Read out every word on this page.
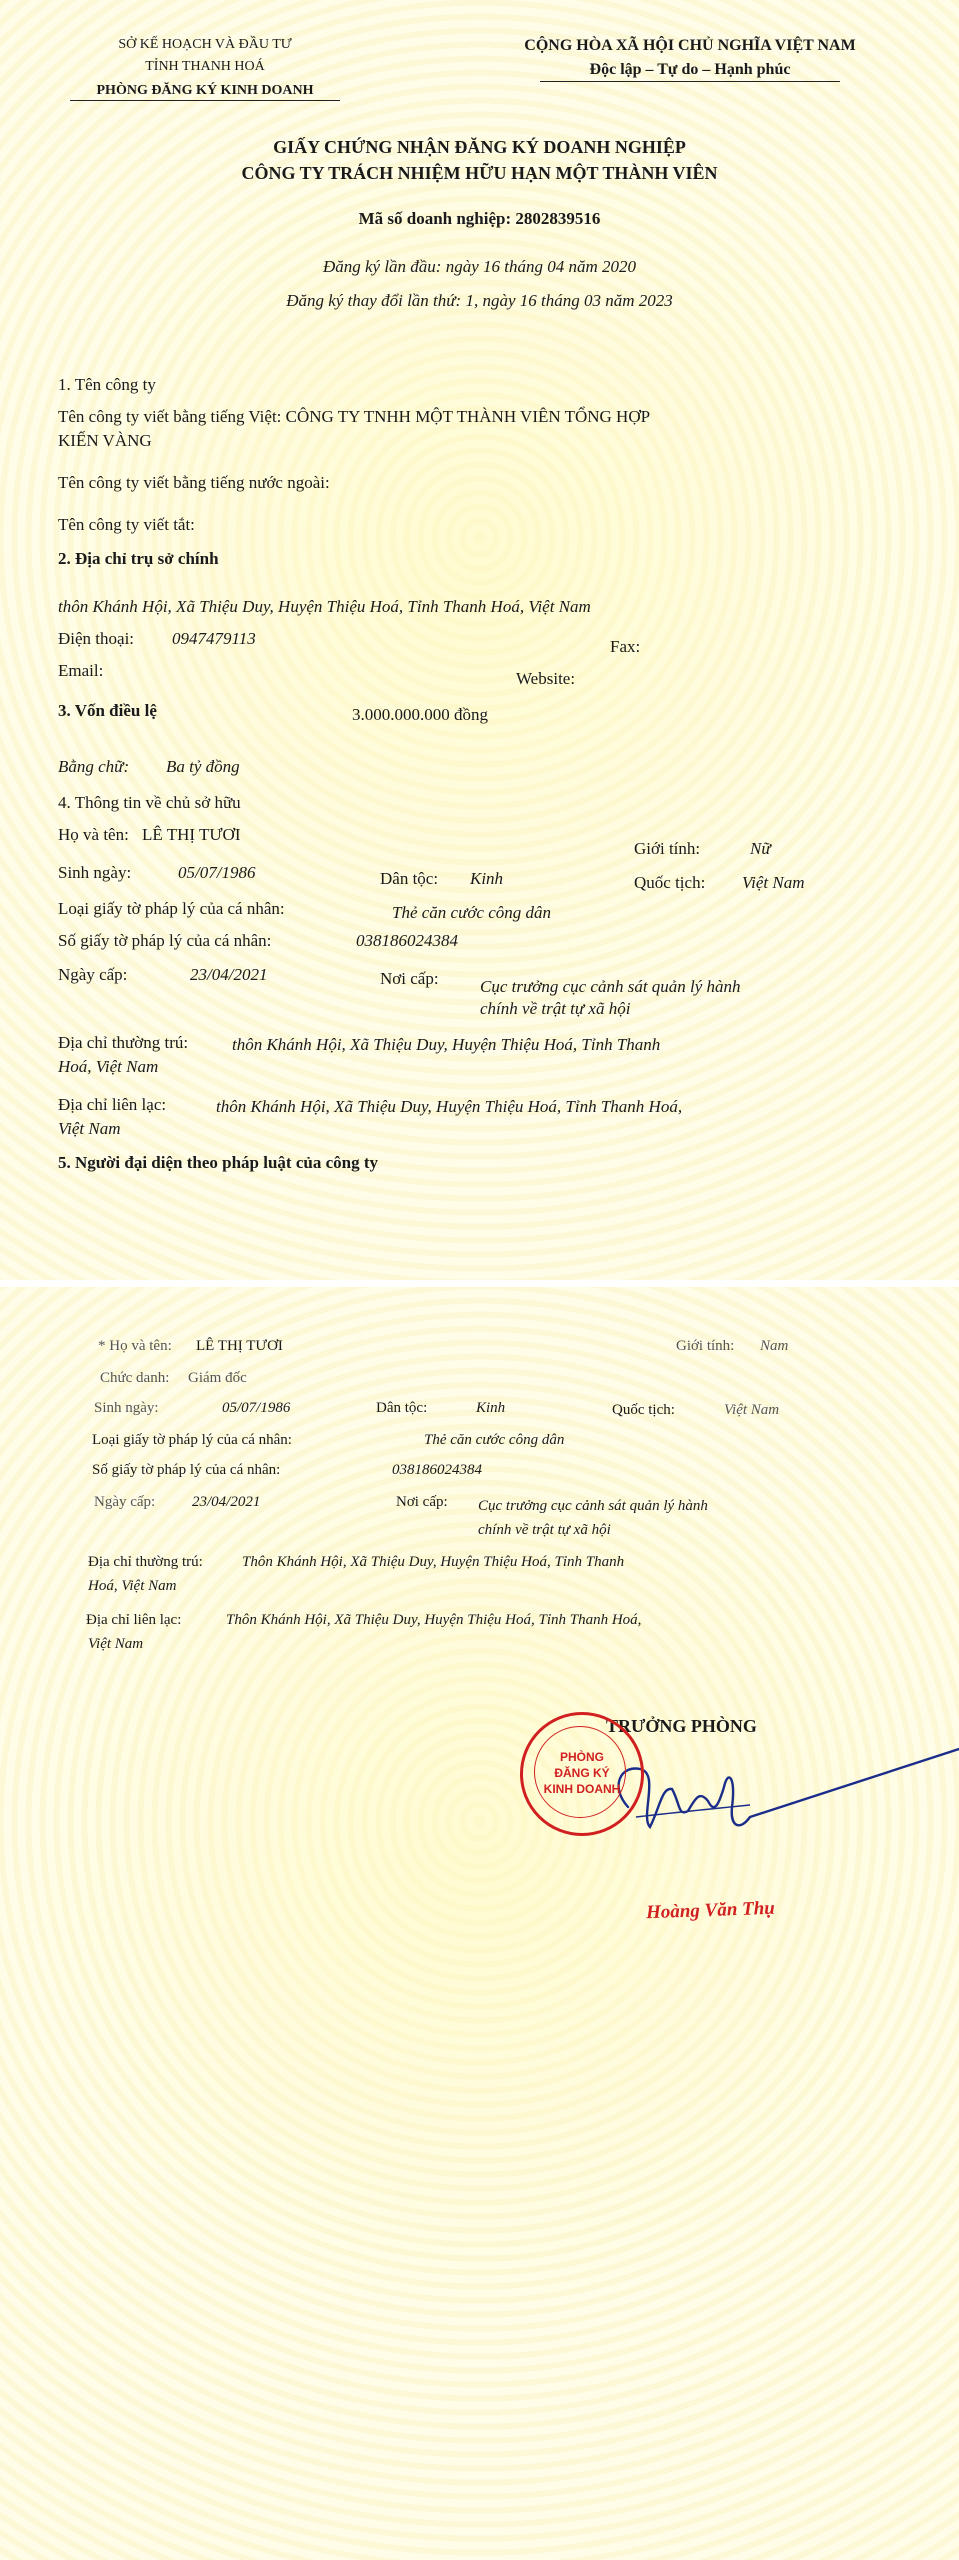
SỞ KẾ HOẠCH VÀ ĐẦU TƯ
TỈNH THANH HOÁ
PHÒNG ĐĂNG KÝ KINH DOANH
CỘNG HÒA XÃ HỘI CHỦ NGHĨA VIỆT NAM
Độc lập – Tự do – Hạnh phúc
GIẤY CHỨNG NHẬN ĐĂNG KÝ DOANH NGHIỆP
CÔNG TY TRÁCH NHIỆM HỮU HẠN MỘT THÀNH VIÊN
Mã số doanh nghiệp: 2802839516
Đăng ký lần đầu: ngày 16 tháng 04 năm 2020
Đăng ký thay đổi lần thứ: 1, ngày 16 tháng 03 năm 2023
1. Tên công ty
Tên công ty viết bằng tiếng Việt: CÔNG TY TNHH MỘT THÀNH VIÊN TỔNG HỢP
KIẾN VÀNG
Tên công ty viết bằng tiếng nước ngoài:
Tên công ty viết tắt:
2. Địa chỉ trụ sở chính
thôn Khánh Hội, Xã Thiệu Duy, Huyện Thiệu Hoá, Tỉnh Thanh Hoá, Việt Nam
Điện thoại: 0947479113	Fax:
Email:	Website:
3. Vốn điều lệ	3.000.000.000 đồng
Bằng chữ: Ba tỷ đồng
4. Thông tin về chủ sở hữu
Họ và tên: LÊ THỊ TƯƠI
Giới tính:	Nữ
Sinh ngày:	05/07/1986	Dân tộc: Kinh	Quốc tịch: Việt Nam
Loại giấy tờ pháp lý của cá nhân:	Thẻ căn cước công dân
Số giấy tờ pháp lý của cá nhân:	038186024384
Ngày cấp:	23/04/2021	Nơi cấp: Cục trưởng cục cảnh sát quản lý hành
chính về trật tự xã hội
Địa chỉ thường trú:	thôn Khánh Hội, Xã Thiệu Duy, Huyện Thiệu Hoá, Tỉnh Thanh
Hoá, Việt Nam
Địa chỉ liên lạc:	thôn Khánh Hội, Xã Thiệu Duy, Huyện Thiệu Hoá, Tỉnh Thanh Hoá,
Việt Nam
5. Người đại diện theo pháp luật của công ty
* Họ và tên: LÊ THỊ TƯƠI	Giới tính: Nam
Chức danh: Giám đốc
Sinh ngày:	05/07/1986	Dân tộc:	Kinh	Quốc tịch:	Việt Nam
Loại giấy tờ pháp lý của cá nhân:	Thẻ căn cước công dân
Số giấy tờ pháp lý của cá nhân:	038186024384
Ngày cấp: 23/04/2021	Nơi cấp: Cục trưởng cục cảnh sát quản lý hành
chính về trật tự xã hội
Địa chỉ thường trú:	Thôn Khánh Hội, Xã Thiệu Duy, Huyện Thiệu Hoá, Tỉnh Thanh
Hoá, Việt Nam
Địa chỉ liên lạc:	Thôn Khánh Hội, Xã Thiệu Duy, Huyện Thiệu Hoá, Tỉnh Thanh Hoá,
Việt Nam
TRƯỞNG PHÒNG
Hoàng Văn Thụ
PHÒNG
ĐĂNG KÝ
KINH DOANH
